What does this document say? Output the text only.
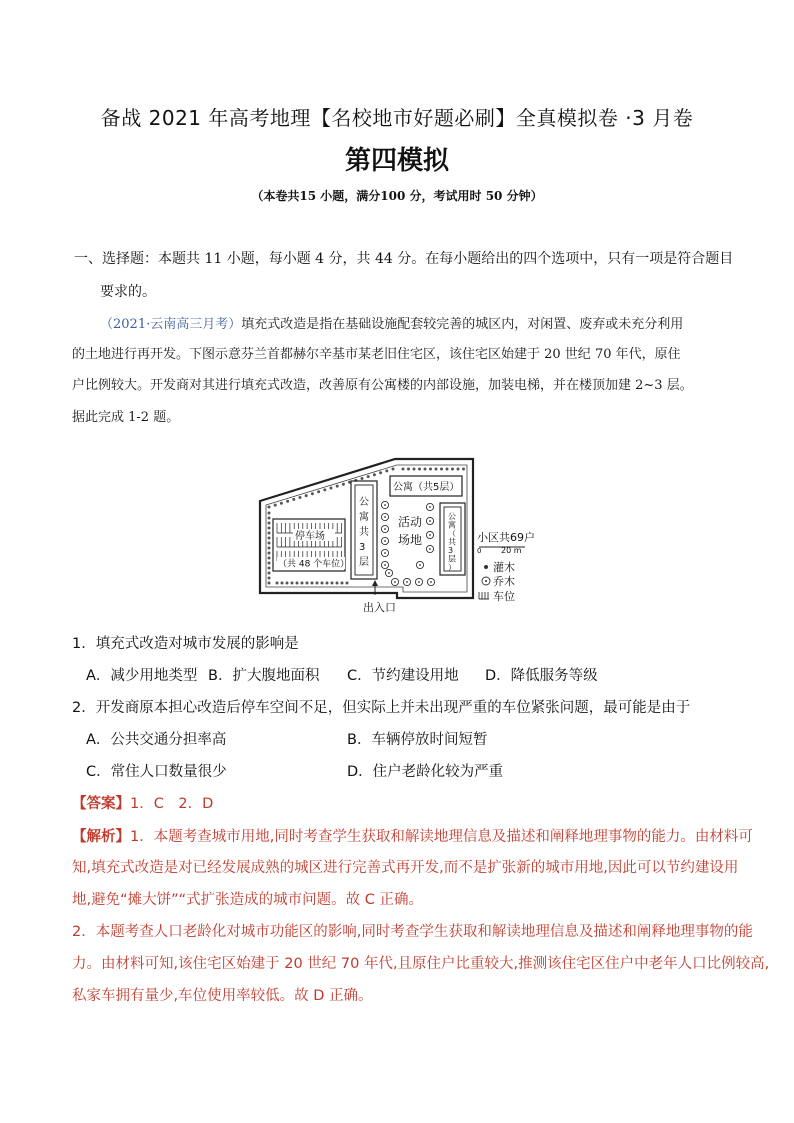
备战 2021 年高考地理【名校地市好题必刷】全真模拟卷 ·3 月卷
第四模拟
（本卷共15 小题，满分100 分，考试用时 50 分钟）
一、选择题：本题共 11 小题，每小题 4 分，共 44 分。在每小题给出的四个选项中，只有一项是符合题目
要求的。
（2021·云南高三月考）填充式改造是指在基础设施配套较完善的城区内，对闲置、废弃或未充分利用
的土地进行再开发。下图示意芬兰首都赫尔辛基市某老旧住宅区，该住宅区始建于 20 世纪 70 年代，原住
户比例较大。开发商对其进行填充式改造，改善原有公寓楼的内部设施，加装电梯，并在楼顶加建 2~3 层。
据此完成 1-2 题。
停车场
（共 48 个车位）
公
寓
共
3
层
公寓（共5层）
公
寓
（
共
3
层
）
活动
场地
出入口
小区共69户
0 20 m
灌木
乔木
车位
1．填充式改造对城市发展的影响是
A．减少用地类型 B．扩大腹地面积 C．节约建设用地 D．降低服务等级
2．开发商原本担心改造后停车空间不足，但实际上并未出现严重的车位紧张问题，最可能是由于
A．公共交通分担率高	B．车辆停放时间短暂
C．常住人口数量很少	D．住户老龄化较为严重
【答案】1．C　2．D
【解析】1．本题考查城市用地,同时考查学生获取和解读地理信息及描述和阐释地理事物的能力。由材料可
知,填充式改造是对已经发展成熟的城区进行完善式再开发,而不是扩张新的城市用地,因此可以节约建设用
地,避免“摊大饼”“式扩张造成的城市问题。故 C 正确。
2．本题考查人口老龄化对城市功能区的影响,同时考查学生获取和解读地理信息及描述和阐释地理事物的能
力。由材料可知,该住宅区始建于 20 世纪 70 年代,且原住户比重较大,推测该住宅区住户中老年人口比例较高,
私家车拥有量少,车位使用率较低。故 D 正确。
